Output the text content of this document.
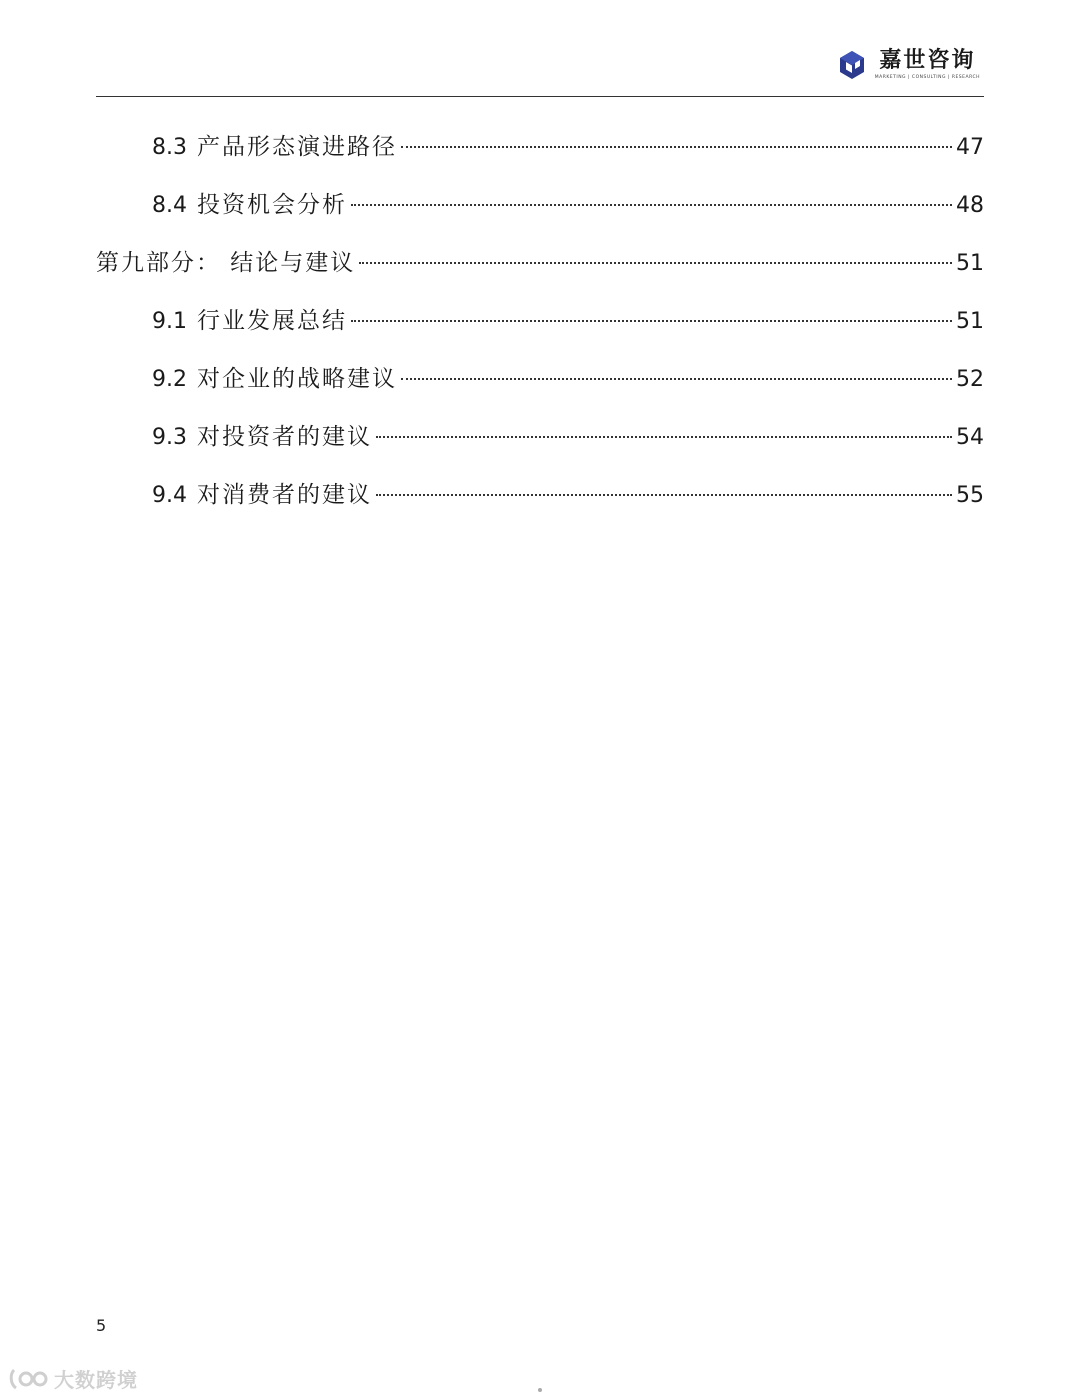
嘉世咨询
MARKETING | CONSULTING | RESEARCH
8.3 产品形态演进路径	47
8.4 投资机会分析	48
第九部分： 结论与建议	51
9.1 行业发展总结	51
9.2 对企业的战略建议	52
9.3 对投资者的建议	54
9.4 对消费者的建议	55
5
大数跨境
